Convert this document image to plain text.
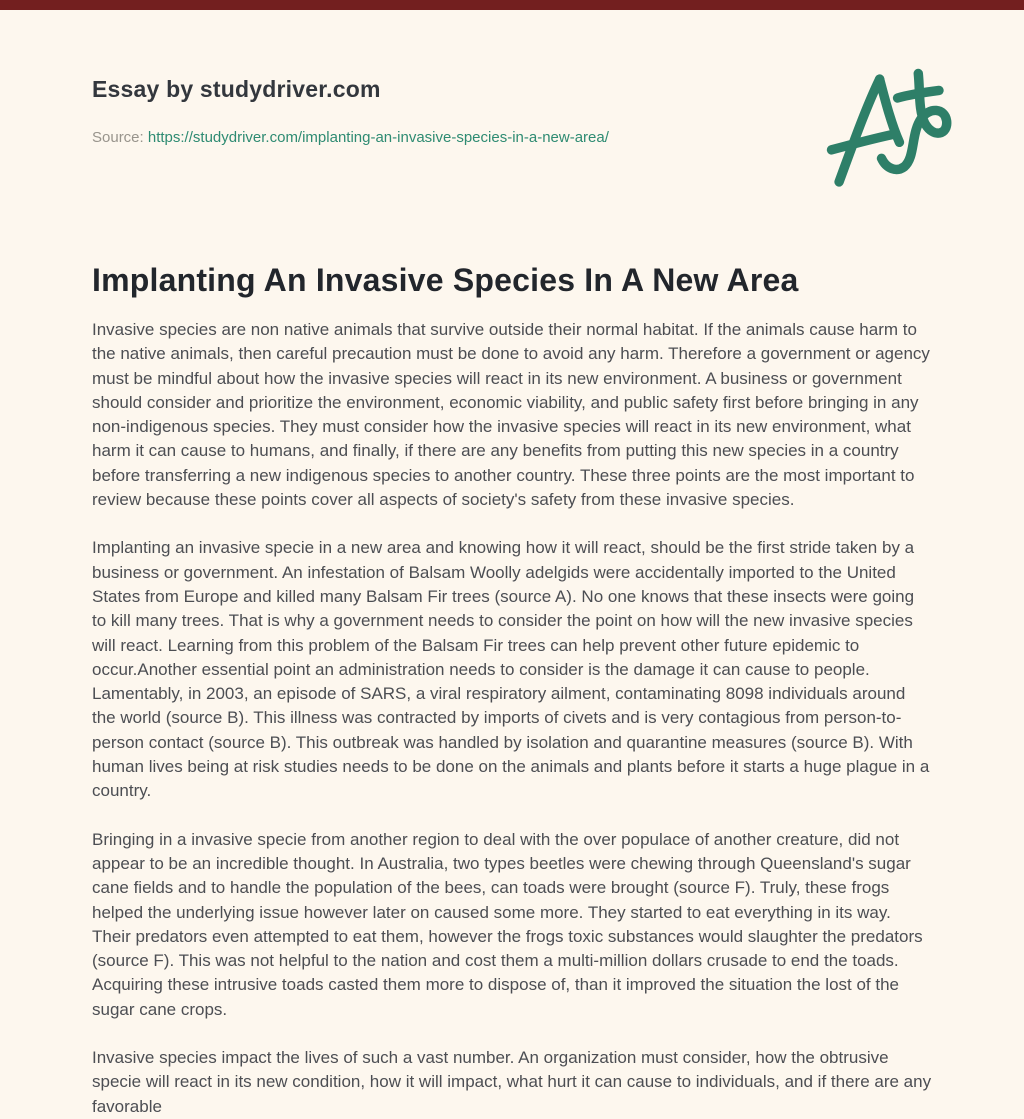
Essay by studydriver.com
Source: https://studydriver.com/implanting-an-invasive-species-in-a-new-area/
Implanting An Invasive Species In A New Area

Invasive species are non native animals that survive outside their normal habitat. If the animals cause harm to the native animals, then careful precaution must be done to avoid any harm. Therefore a government or agency must be mindful about how the invasive species will react in its new environment. A business or government should consider and prioritize the environment, economic viability, and public safety first before bringing in any non-indigenous species. They must consider how the invasive species will react in its new environment, what harm it can cause to humans, and finally, if there are any benefits from putting this new species in a country before transferring a new indigenous species to another country. These three points are the most important to review because these points cover all aspects of society's safety from these invasive species.

Implanting an invasive specie in a new area and knowing how it will react, should be the first stride taken by a business or government. An infestation of Balsam Woolly adelgids were accidentally imported to the United States from Europe and killed many Balsam Fir trees (source A). No one knows that these insects were going to kill many trees. That is why a government needs to consider the point on how will the new invasive species will react. Learning from this problem of the Balsam Fir trees can help prevent other future epidemic to occur.Another essential point an administration needs to consider is the damage it can cause to people. Lamentably, in 2003, an episode of SARS, a viral respiratory ailment, contaminating 8098 individuals around the world (source B). This illness was contracted by imports of civets and is very contagious from person-to-person contact (source B). This outbreak was handled by isolation and quarantine measures (source B). With human lives being at risk studies needs to be done on the animals and plants before it starts a huge plague in a country.

Bringing in a invasive specie from another region to deal with the over populace of another creature, did not appear to be an incredible thought. In Australia, two types beetles were chewing through Queensland's sugar cane fields and to handle the population of the bees, can toads were brought (source F). Truly, these frogs helped the underlying issue however later on caused some more. They started to eat everything in its way. Their predators even attempted to eat them, however the frogs toxic substances would slaughter the predators (source F). This was not helpful to the nation and cost them a multi-million dollars crusade to end the toads. Acquiring these intrusive toads casted them more to dispose of, than it improved the situation the lost of the sugar cane crops.

Invasive species impact the lives of such a vast number. An organization must consider, how the obtrusive specie will react in its new condition, how it will impact, what hurt it can cause to individuals, and if there are any favorable
